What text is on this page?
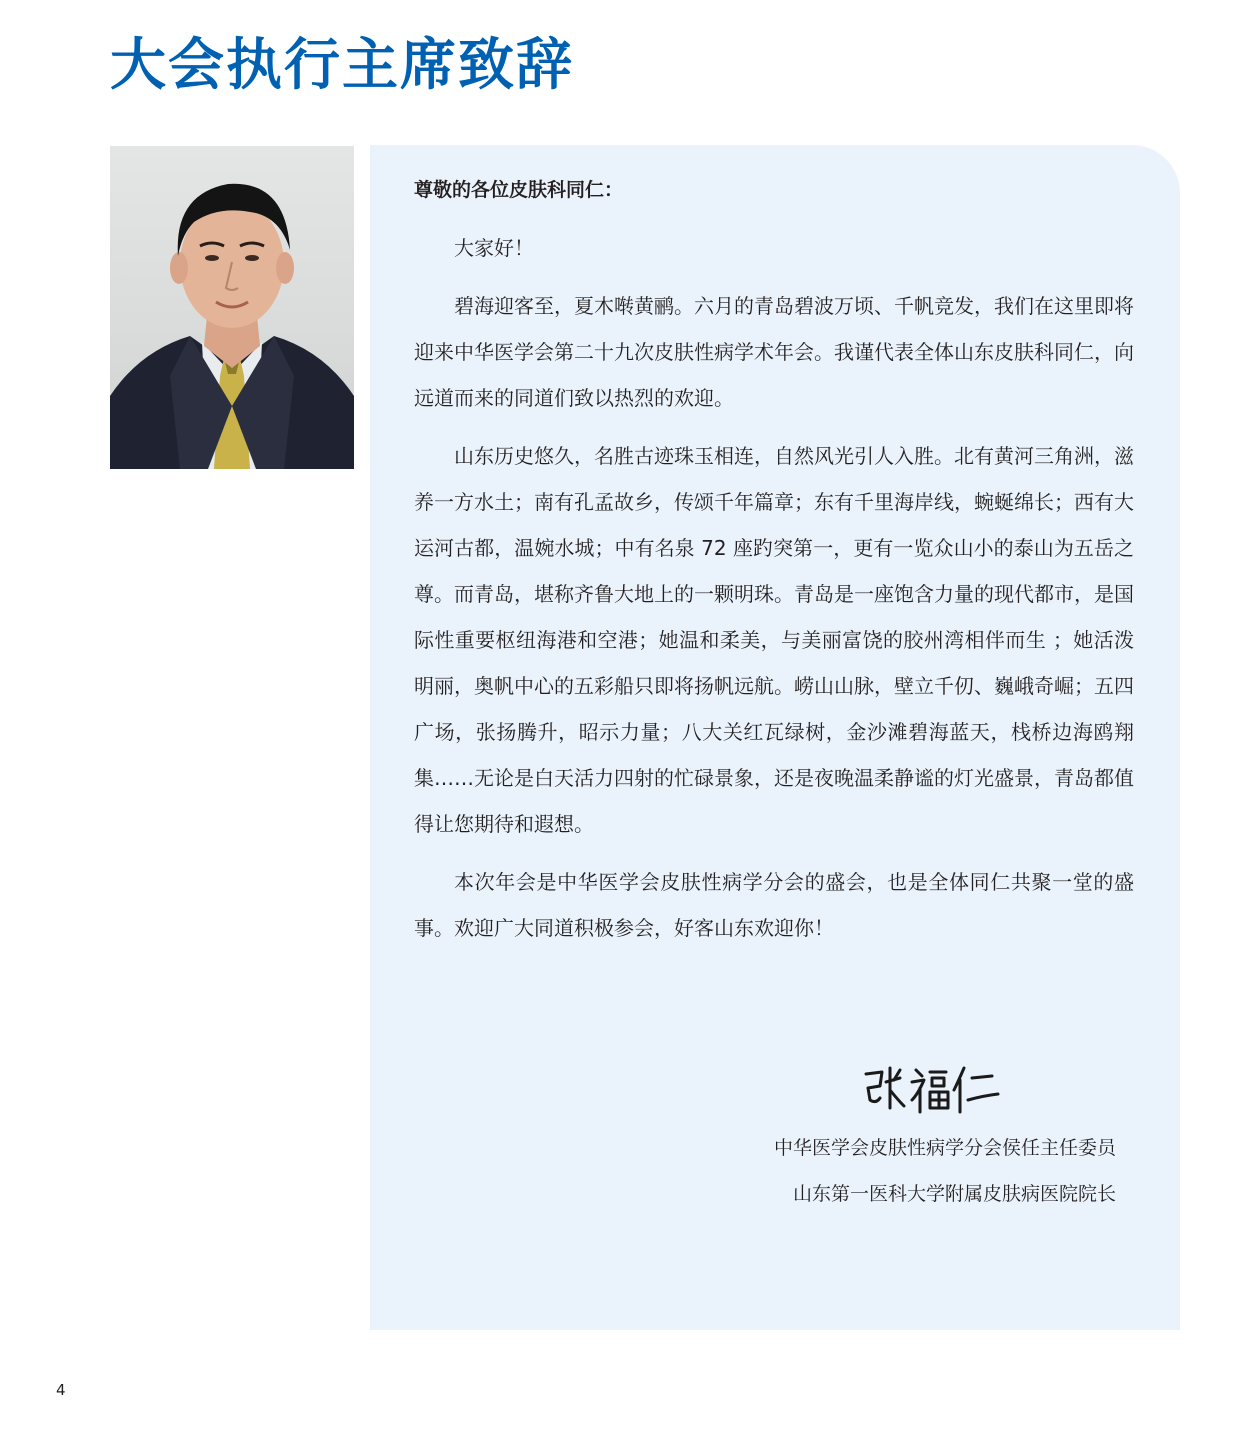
大会执行主席致辞

尊敬的各位皮肤科同仁：

大家好！

碧海迎客至，夏木啭黄鹂。六月的青岛碧波万顷、千帆竞发，我们在这里即将迎来中华医学会第二十九次皮肤性病学术年会。我谨代表全体山东皮肤科同仁，向远道而来的同道们致以热烈的欢迎。

山东历史悠久，名胜古迹珠玉相连，自然风光引人入胜。北有黄河三角洲，滋养一方水土；南有孔孟故乡，传颂千年篇章；东有千里海岸线，蜿蜒绵长；西有大运河古都，温婉水城；中有名泉 72 座趵突第一，更有一览众山小的泰山为五岳之尊。而青岛，堪称齐鲁大地上的一颗明珠。青岛是一座饱含力量的现代都市，是国际性重要枢纽海港和空港；她温和柔美，与美丽富饶的胶州湾相伴而生 ；她活泼明丽，奥帆中心的五彩船只即将扬帆远航。崂山山脉，壁立千仞、巍峨奇崛；五四广场，张扬腾升，昭示力量；八大关红瓦绿树，金沙滩碧海蓝天，栈桥边海鸥翔集……无论是白天活力四射的忙碌景象，还是夜晚温柔静谧的灯光盛景，青岛都值得让您期待和遐想。

本次年会是中华医学会皮肤性病学分会的盛会，也是全体同仁共聚一堂的盛事。欢迎广大同道积极参会，好客山东欢迎你！

中华医学会皮肤性病学分会侯任主任委员
山东第一医科大学附属皮肤病医院院长
4
